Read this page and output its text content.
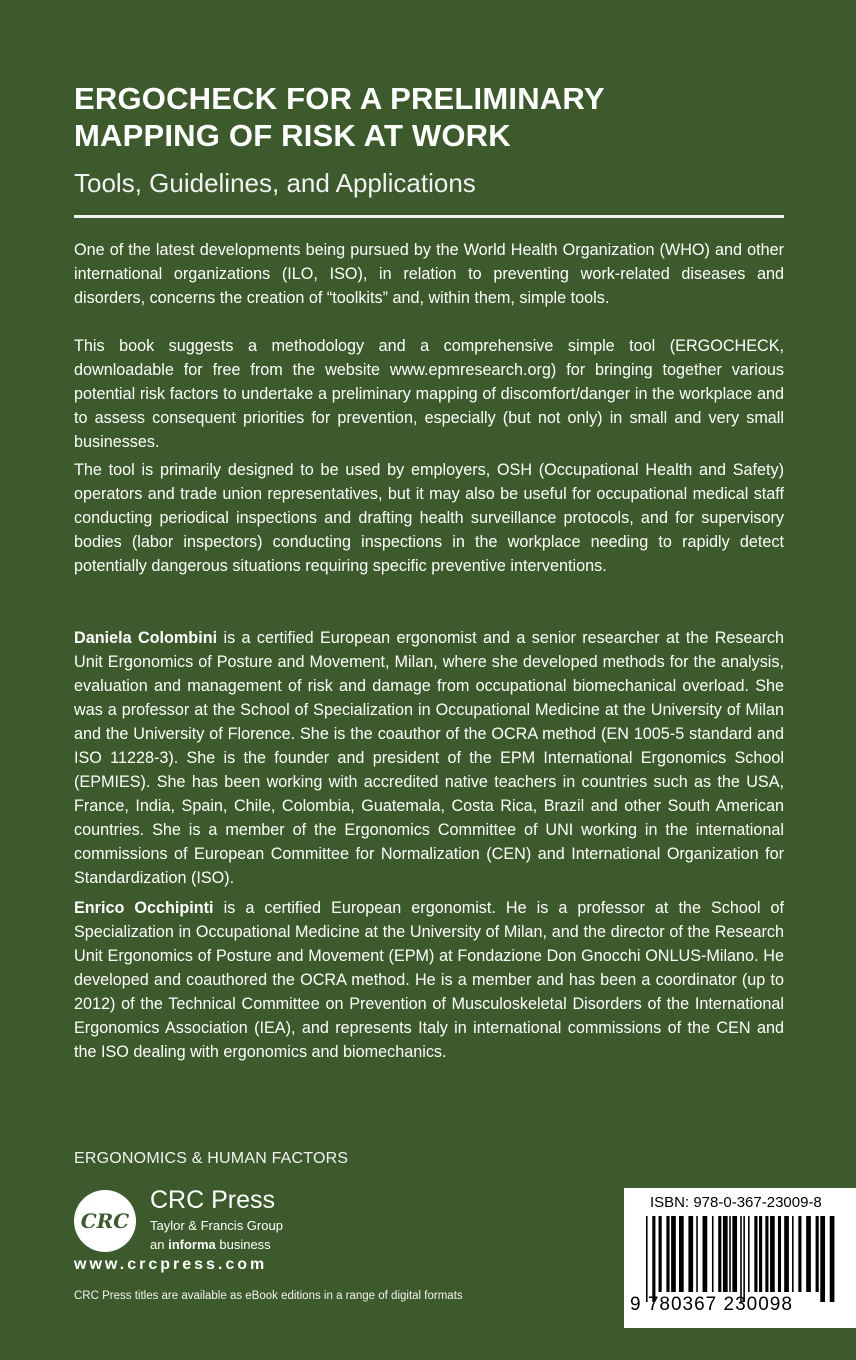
ERGOCHECK FOR A PRELIMINARY
MAPPING OF RISK AT WORK
Tools, Guidelines, and Applications
One of the latest developments being pursued by the World Health Organization (WHO) and other international organizations (ILO, ISO), in relation to preventing work-related diseases and disorders, concerns the creation of “toolkits” and, within them, simple tools.
This book suggests a methodology and a comprehensive simple tool (ERGOCHECK, downloadable for free from the website www.epmresearch.org) for bringing together various potential risk factors to undertake a preliminary mapping of discomfort/danger in the workplace and to assess consequent priorities for prevention, especially (but not only) in small and very small businesses.
The tool is primarily designed to be used by employers, OSH (Occupational Health and Safety) operators and trade union representatives, but it may also be useful for occupational medical staff conducting periodical inspections and drafting health surveillance protocols, and for supervisory bodies (labor inspectors) conducting inspections in the workplace needing to rapidly detect potentially dangerous situations requiring specific preventive interventions.
Daniela Colombini is a certified European ergonomist and a senior researcher at the Research Unit Ergonomics of Posture and Movement, Milan, where she developed methods for the analysis, evaluation and management of risk and damage from occupational biomechanical overload. She was a professor at the School of Specialization in Occupational Medicine at the University of Milan and the University of Florence. She is the coauthor of the OCRA method (EN 1005-5 standard and ISO 11228-3). She is the founder and president of the EPM International Ergonomics School (EPMIES). She has been working with accredited native teachers in countries such as the USA, France, India, Spain, Chile, Colombia, Guatemala, Costa Rica, Brazil and other South American countries. She is a member of the Ergonomics Committee of UNI working in the international commissions of European Committee for Normalization (CEN) and International Organization for Standardization (ISO).
Enrico Occhipinti is a certified European ergonomist. He is a professor at the School of Specialization in Occupational Medicine at the University of Milan, and the director of the Research Unit Ergonomics of Posture and Movement (EPM) at Fondazione Don Gnocchi ONLUS-Milano. He developed and coauthored the OCRA method. He is a member and has been a coordinator (up to 2012) of the Technical Committee on Prevention of Musculoskeletal Disorders of the International Ergonomics Association (IEA), and represents Italy in international commissions of the CEN and the ISO dealing with ergonomics and biomechanics.
ERGONOMICS & HUMAN FACTORS
CRC
CRC Press
Taylor & Francis Group
an informa business
www.crcpress.com
CRC Press titles are available as eBook editions in a range of digital formats
ISBN: 978-0-367-23009-8
9 780367 230098
